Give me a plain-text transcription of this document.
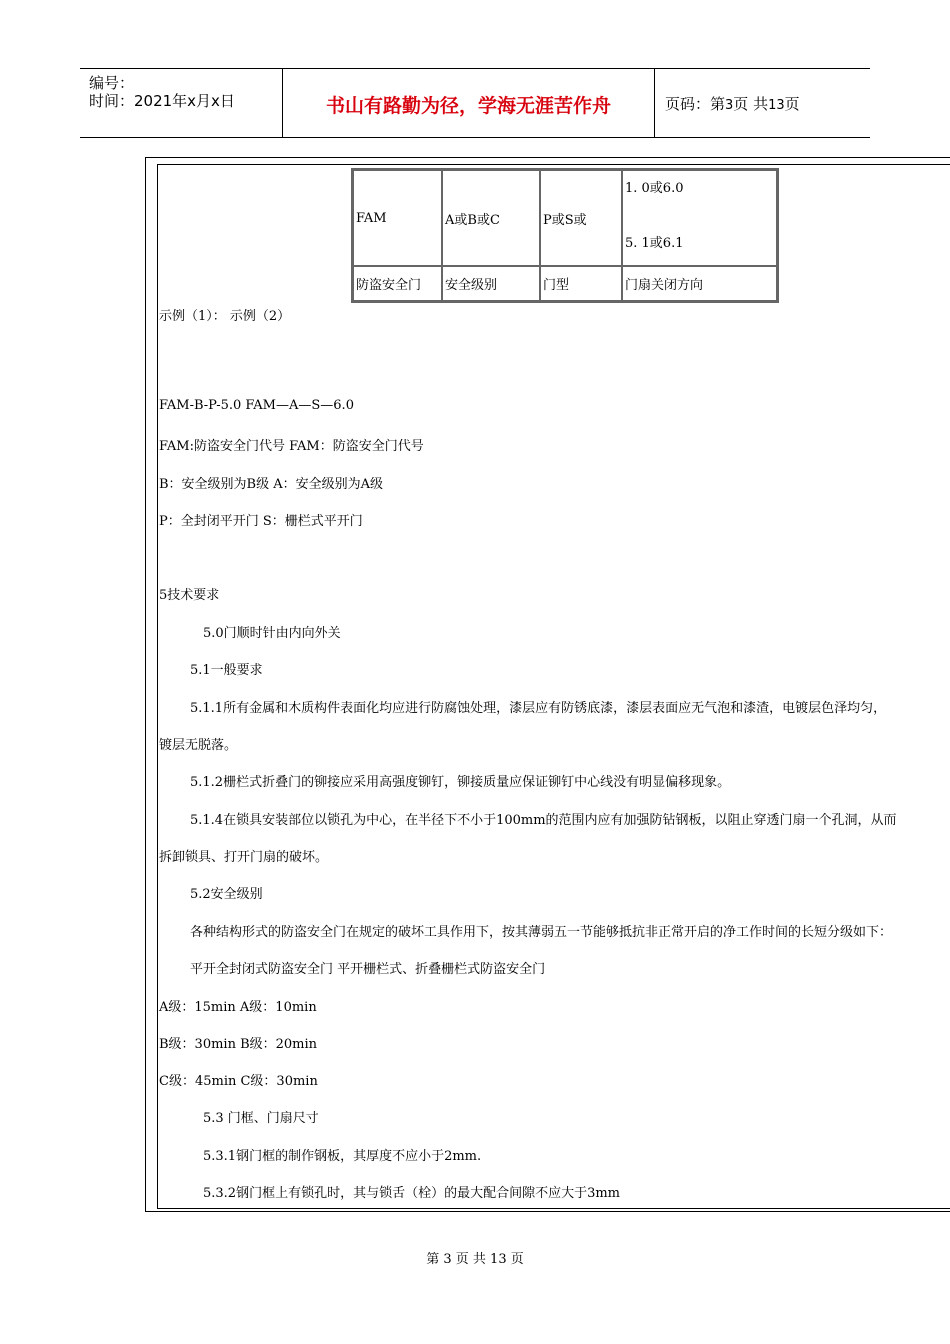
编号：
时间：2021年x月x日	书山有路勤为径，学海无涯苦作舟	页码：第3页 共13页
FAM	A或B或C	P或S或	1. 0或6.0
5. 1或6.1

防盗安全门	安全级别	门型	门扇关闭方向
示例（1）： 示例（2）
FAM-B-P-5.0 FAM—A—S—6.0
FAM:防盗安全门代号 FAM：防盗安全门代号
B：安全级别为B级 A：安全级别为A级
P：全封闭平开门 S：栅栏式平开门
5技术要求
5.0门顺时针由内向外关
5.1一般要求
5.1.1所有金属和木质构件表面化均应进行防腐蚀处理，漆层应有防锈底漆，漆层表面应无气泡和漆渣，电镀层色泽均匀，
镀层无脱落。
5.1.2栅栏式折叠门的铆接应采用高强度铆钉，铆接质量应保证铆钉中心线没有明显偏移现象。
5.1.4在锁具安装部位以锁孔为中心，在半径下不小于100mm的范围内应有加强防钻钢板，以阻止穿透门扇一个孔洞，从而
拆卸锁具、打开门扇的破坏。
5.2安全级别
各种结构形式的防盗安全门在规定的破坏工具作用下，按其薄弱五一节能够抵抗非正常开启的净工作时间的长短分级如下：
平开全封闭式防盗安全门 平开栅栏式、折叠栅栏式防盗安全门
A级：15min A级：10min
B级：30min B级：20min
C级：45min C级：30min
5.3 门框、门扇尺寸
5.3.1钢门框的制作钢板，其厚度不应小于2mm.
5.3.2钢门框上有锁孔时，其与锁舌（栓）的最大配合间隙不应大于3mm
第 3 页 共 13 页
